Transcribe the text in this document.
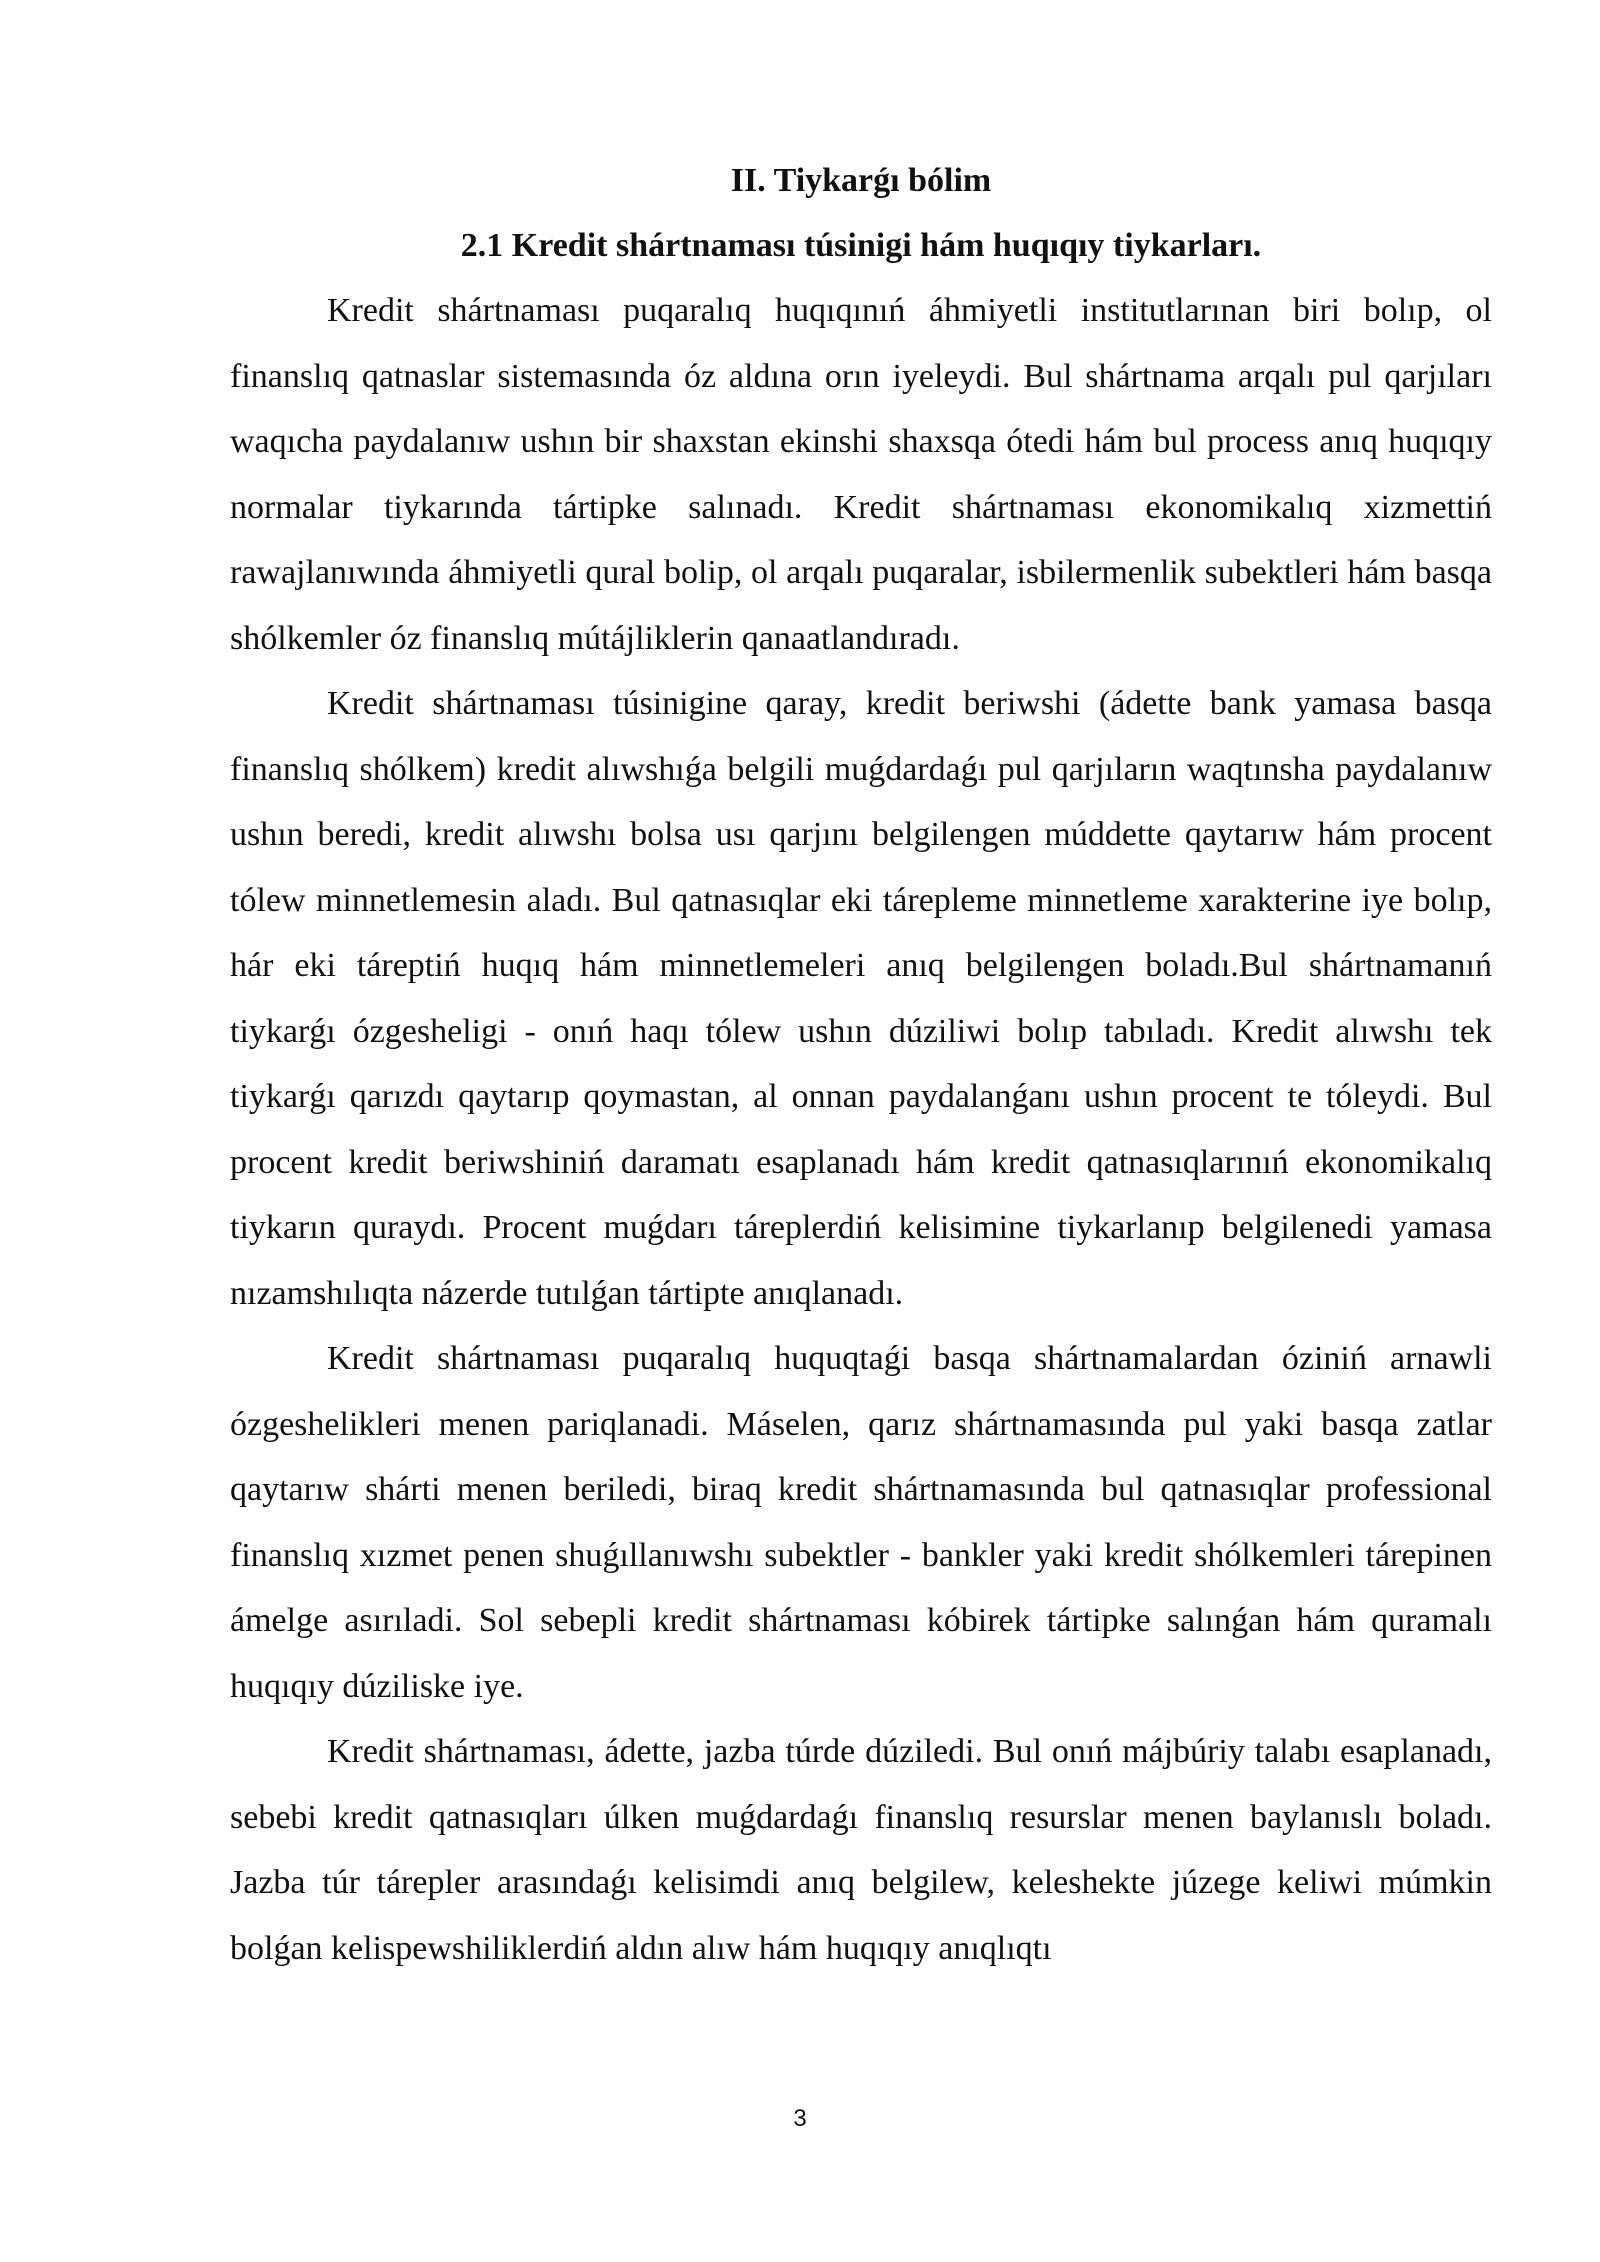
II. Tiykarǵı bólim
2.1 Kredit shártnaması túsinigi hám huqıqıy tiykarları.

Kredit shártnaması puqaralıq huqıqınıń áhmiyetli institutlarınan biri bolıp, ol finanslıq qatnaslar sistemasında óz aldına orın iyeleydi. Bul shártnama arqalı pul qarjıları waqıcha paydalanıw ushın bir shaxstan ekinshi shaxsqa ótedi hám bul process anıq huqıqıy normalar tiykarında tártipke salınadı. Kredit shártnaması ekonomikalıq xizmettiń rawajlanıwında áhmiyetli qural bolip, ol arqalı puqaralar, isbilermenlik subektleri hám basqa shólkemler óz finanslıq mútájliklerin qanaatlandıradı.

Kredit shártnaması túsinigine qaray, kredit beriwshi (ádette bank yamasa basqa finanslıq shólkem) kredit alıwshıǵa belgili muǵdardaǵı pul qarjıların waqtınsha paydalanıw ushın beredi, kredit alıwshı bolsa usı qarjını belgilengen múddette qaytarıw hám procent tólew minnetlemesin aladı. Bul qatnasıqlar eki tárepleme minnetleme xarakterine iye bolıp, hár eki táreptiń huqıq hám minnetlemeleri anıq belgilengen boladı.Bul shártnamanıń tiykarǵı ózgesheligi - onıń haqı tólew ushın dúziliwi bolıp tabıladı. Kredit alıwshı tek tiykarǵı qarızdı qaytarıp qoymastan, al onnan paydalanǵanı ushın procent te tóleydi. Bul procent kredit beriwshiniń daramatı esaplanadı hám kredit qatnasıqlarınıń ekonomikalıq tiykarın quraydı. Procent muǵdarı táreplerdiń kelisimine tiykarlanıp belgilenedi yamasa nızamshılıqta názerde tutılǵan tártipte anıqlanadı.

Kredit shártnaması puqaralıq huquqtaǵi basqa shártnamalardan óziniń arnawli ózgeshelikleri menen pariqlanadi. Máselen, qarız shártnamasında pul yaki basqa zatlar qaytarıw shárti menen beriledi, biraq kredit shártnamasında bul qatnasıqlar professional finanslıq xızmet penen shuǵıllanıwshı subektler - bankler yaki kredit shólkemleri tárepinen ámelge asırıladi. Sol sebepli kredit shártnaması kóbirek tártipke salınǵan hám quramalı huqıqıy dúziliske iye.

Kredit shártnaması, ádette, jazba túrde dúziledi. Bul onıń májbúriy talabı esaplanadı, sebebi kredit qatnasıqları úlken muǵdardaǵı finanslıq resurslar menen baylanıslı boladı. Jazba túr tárepler arasındaǵı kelisimdi anıq belgilew, keleshekte júzege keliwi múmkin bolǵan kelispewshiliklerdiń aldın alıw hám huqıqıy anıqlıqtı

3
